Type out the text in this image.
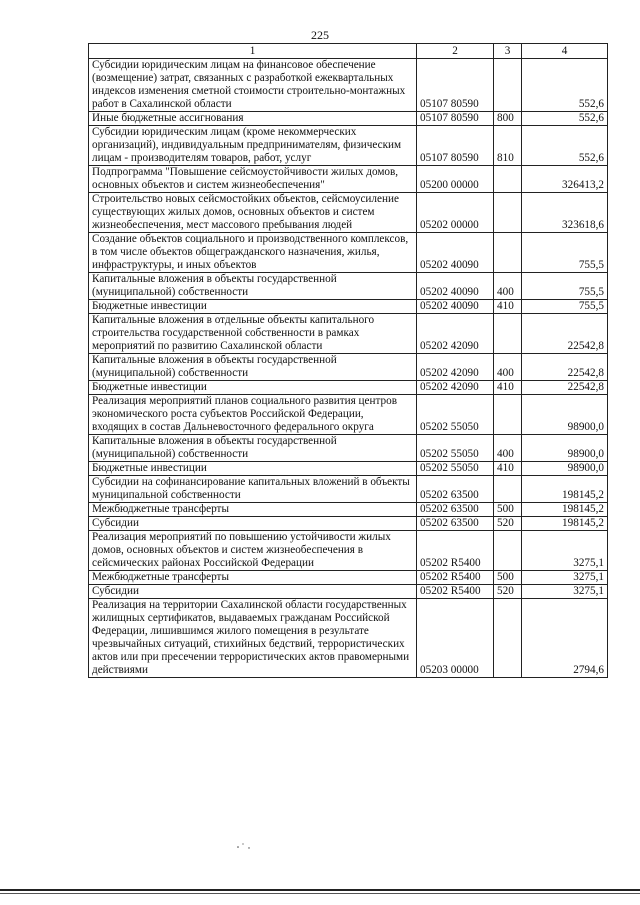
225
1	2	3	4
Субсидии юридическим лицам на финансовое обеспечение (возмещение) затрат, связанных с разработкой ежеквартальных индексов изменения сметной стоимости строительно-монтажных работ в Сахалинской области	05107 80590		552,6
Иные бюджетные ассигнования	05107 80590	800	552,6
Субсидии юридическим лицам (кроме некоммерческих организаций), индивидуальным предпринимателям, физическим лицам - производителям товаров, работ, услуг	05107 80590	810	552,6
Подпрограмма "Повышение сейсмоустойчивости жилых домов, основных объектов и систем жизнеобеспечения"	05200 00000		326413,2
Строительство новых сейсмостойких объектов, сейсмоусиление существующих жилых домов, основных объектов и систем жизнеобеспечения, мест массового пребывания людей	05202 00000		323618,6
Создание объектов социального и производственного комплексов, в том числе объектов общегражданского назначения, жилья, инфраструктуры, и иных объектов	05202 40090		755,5
Капитальные вложения в объекты государственной (муниципальной) собственности	05202 40090	400	755,5
Бюджетные инвестиции	05202 40090	410	755,5
Капитальные вложения в отдельные объекты капитального строительства государственной собственности в рамках мероприятий по развитию Сахалинской области	05202 42090		22542,8
Капитальные вложения в объекты государственной (муниципальной) собственности	05202 42090	400	22542,8
Бюджетные инвестиции	05202 42090	410	22542,8
Реализация мероприятий планов социального развития центров экономического роста субъектов Российской Федерации, входящих в состав Дальневосточного федерального округа	05202 55050		98900,0
Капитальные вложения в объекты государственной (муниципальной) собственности	05202 55050	400	98900,0
Бюджетные инвестиции	05202 55050	410	98900,0
Субсидии на софинансирование капитальных вложений в объекты муниципальной собственности	05202 63500		198145,2
Межбюджетные трансферты	05202 63500	500	198145,2
Субсидии	05202 63500	520	198145,2
Реализация мероприятий по повышению устойчивости жилых домов, основных объектов и систем жизнеобеспечения в сейсмических районах Российской Федерации	05202 R5400		3275,1
Межбюджетные трансферты	05202 R5400	500	3275,1
Субсидии	05202 R5400	520	3275,1
Реализация на территории Сахалинской области государственных жилищных сертификатов, выдаваемых гражданам Российской Федерации, лишившимся жилого помещения в результате чрезвычайных ситуаций, стихийных бедствий, террористических актов или при пресечении террористических актов правомерными действиями	05203 00000		2794,6
